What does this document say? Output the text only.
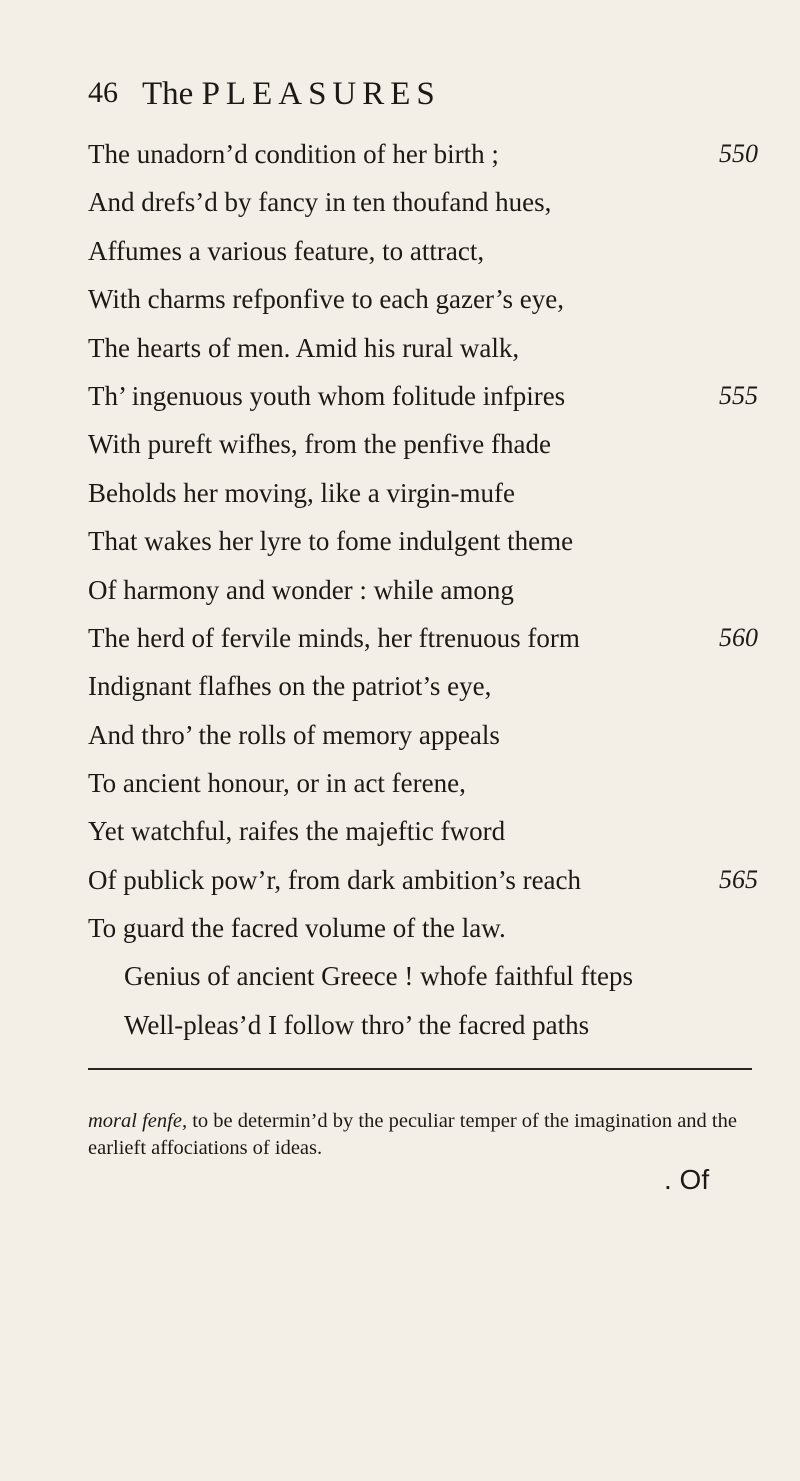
46 The PLEASURES
The unadorn’d condition of her birth ;	550
And drefs’d by fancy in ten thoufand hues,
Affumes a various feature, to attract,
With charms refponfive to each gazer’s eye,
The hearts of men. Amid his rural walk,
Th’ ingenuous youth whom folitude infpires	555
With pureft wifhes, from the penfive fhade
Beholds her moving, like a virgin-mufe
That wakes her lyre to fome indulgent theme
Of harmony and wonder : while among
The herd of fervile minds, her ftrenuous form	560
Indignant flafhes on the patriot’s eye,
And thro’ the rolls of memory appeals
To ancient honour, or in act ferene,
Yet watchful, raifes the majeftic fword
Of publick pow’r, from dark ambition’s reach	565
To guard the facred volume of the law.
Genius of ancient Greece ! whofe faithful fteps
Well-pleas’d I follow thro’ the facred paths
moral fenfe, to be determin’d by the peculiar temper of the imagination and the earlieft affociations of ideas.
. Of
